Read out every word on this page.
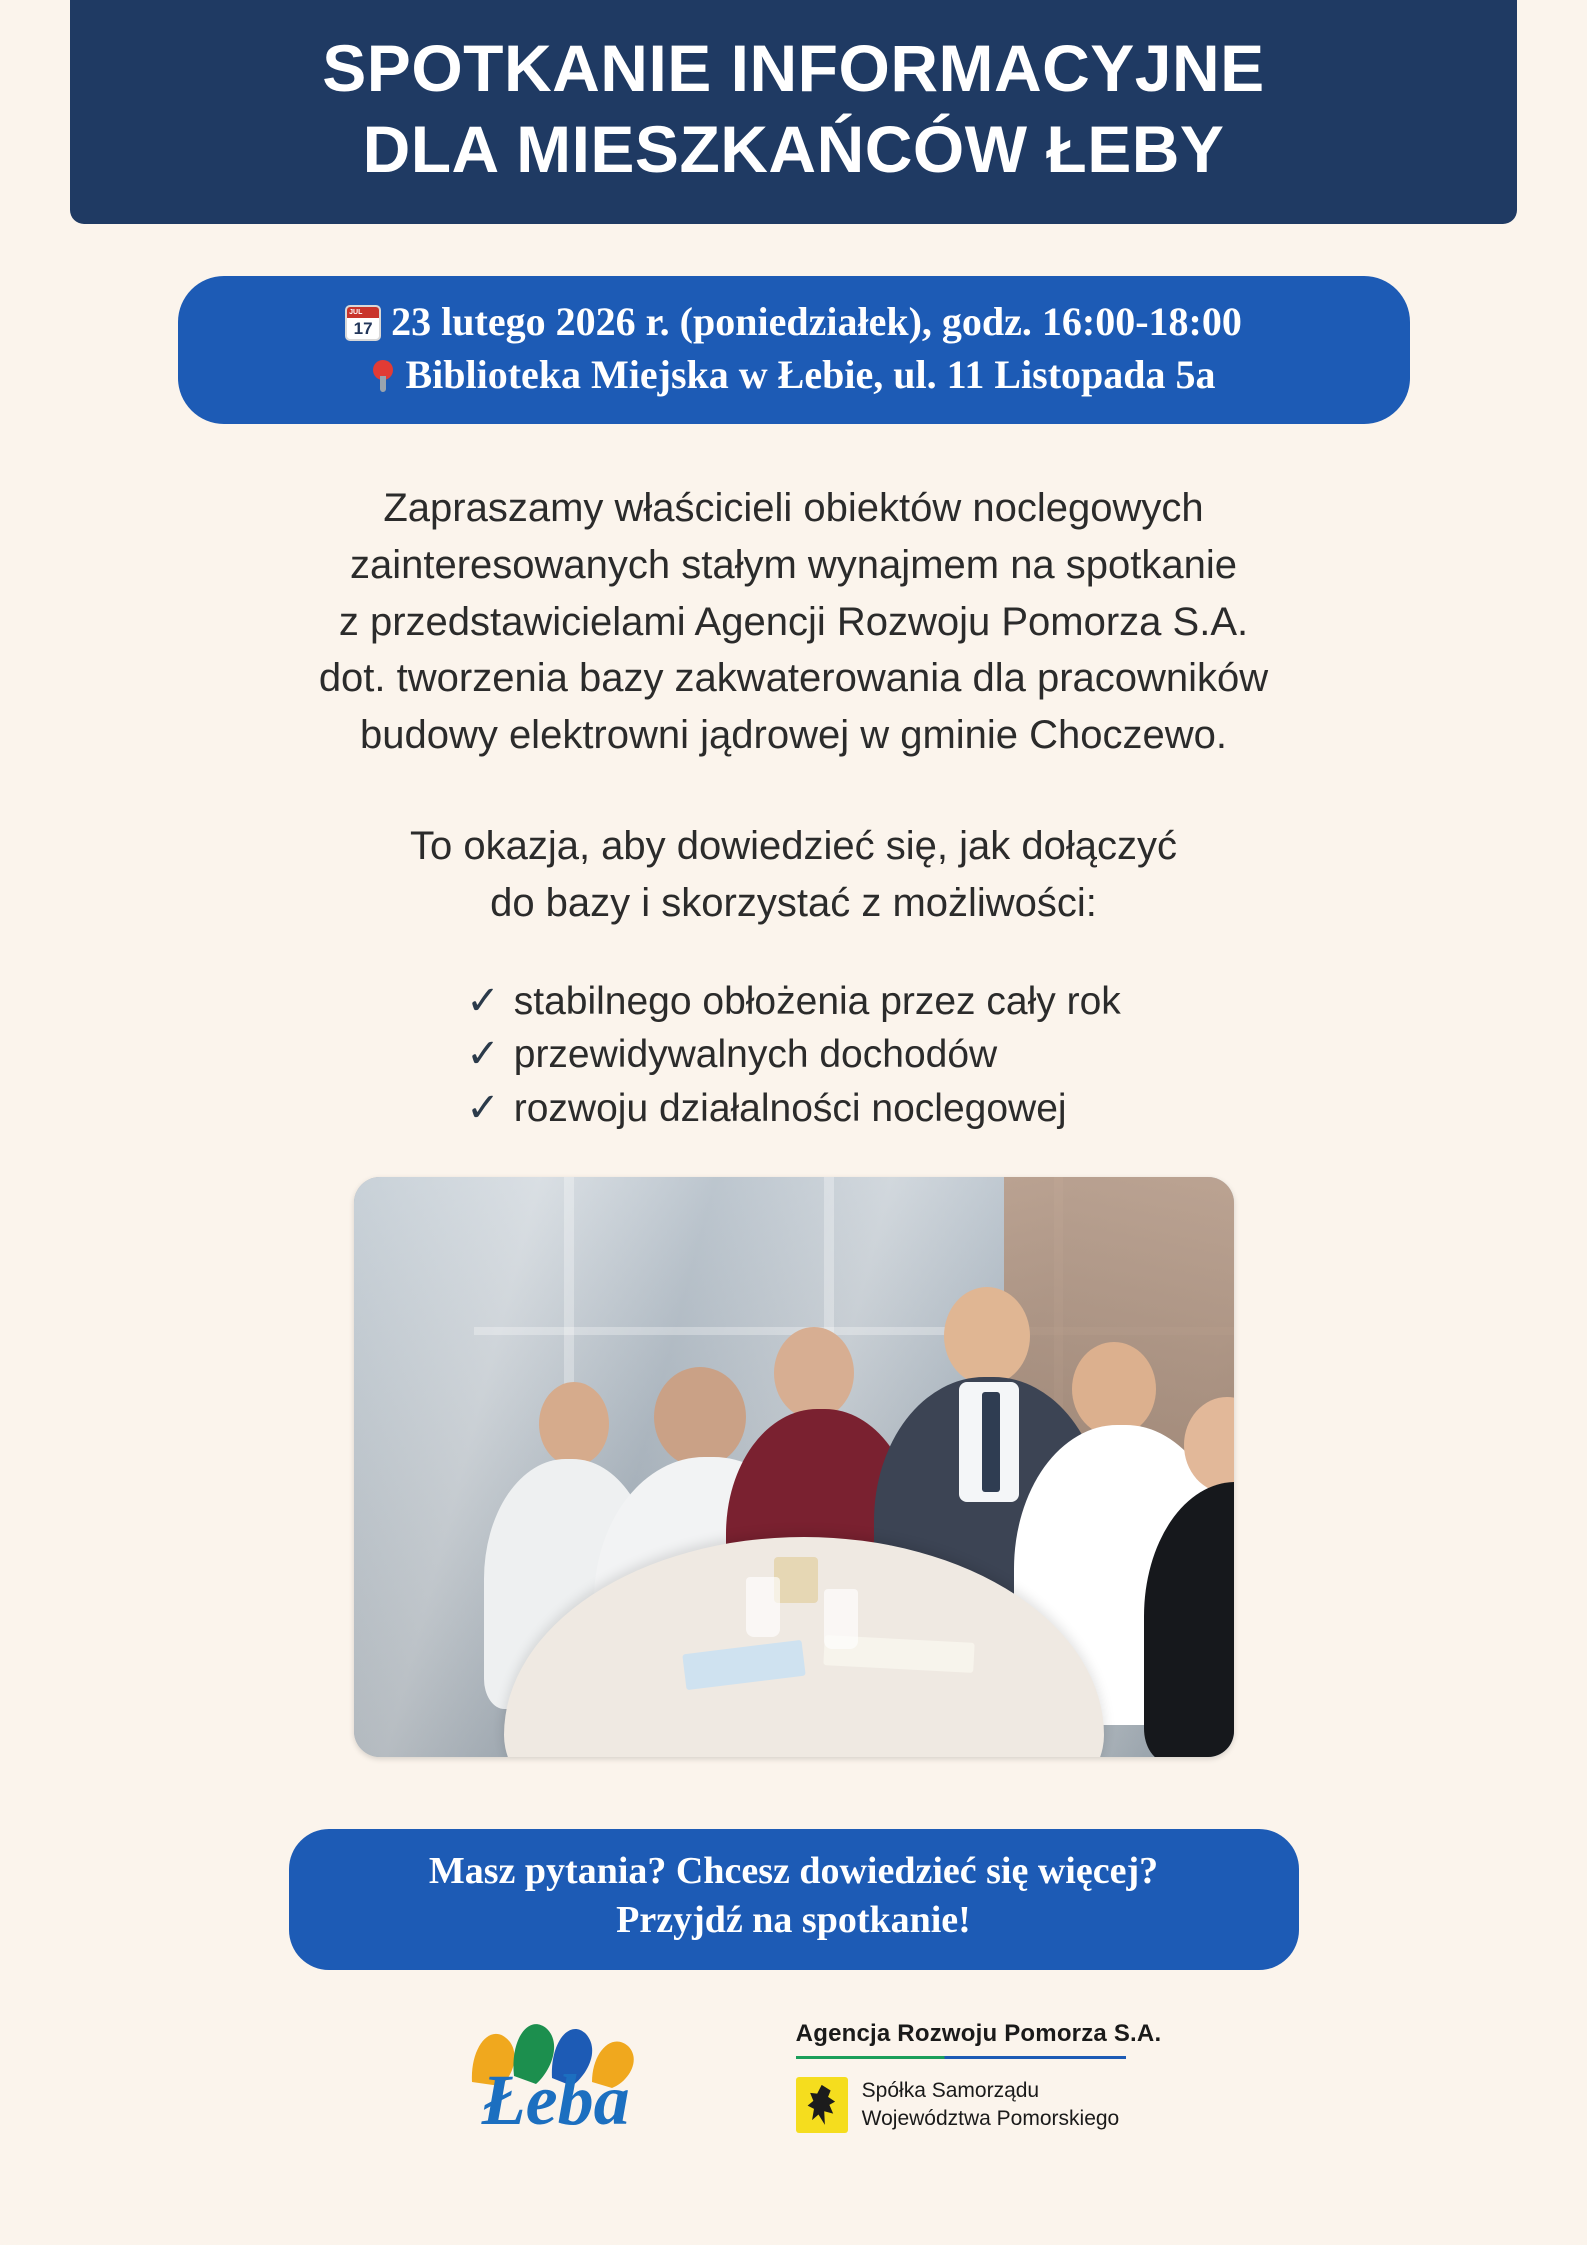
SPOTKANIE INFORMACYJNE
DLA MIESZKAŃCÓW ŁEBY
JUL
17 23 lutego 2026 r. (poniedziałek), godz. 16:00-18:00
Biblioteka Miejska w Łebie, ul. 11 Listopada 5a

Zapraszamy właścicieli obiektów noclegowych

zainteresowanych stałym wynajmem na spotkanie

z przedstawicielami Agencji Rozwoju Pomorza S.A.

dot. tworzenia bazy zakwaterowania dla pracowników

budowy elektrowni jądrowej w gminie Choczewo.

To okazja, aby dowiedzieć się, jak dołączyć

do bazy i skorzystać z możliwości:

✓ stabilnego obłożenia przez cały rok
✓ przewidywalnych dochodów
✓ rozwoju działalności noclegowej
Masz pytania? Chcesz dowiedzieć się więcej?
Przyjdź na spotkanie!
Łeba
Agencja Rozwoju Pomorza S.A.
Spółka Samorządu
Województwa Pomorskiego
